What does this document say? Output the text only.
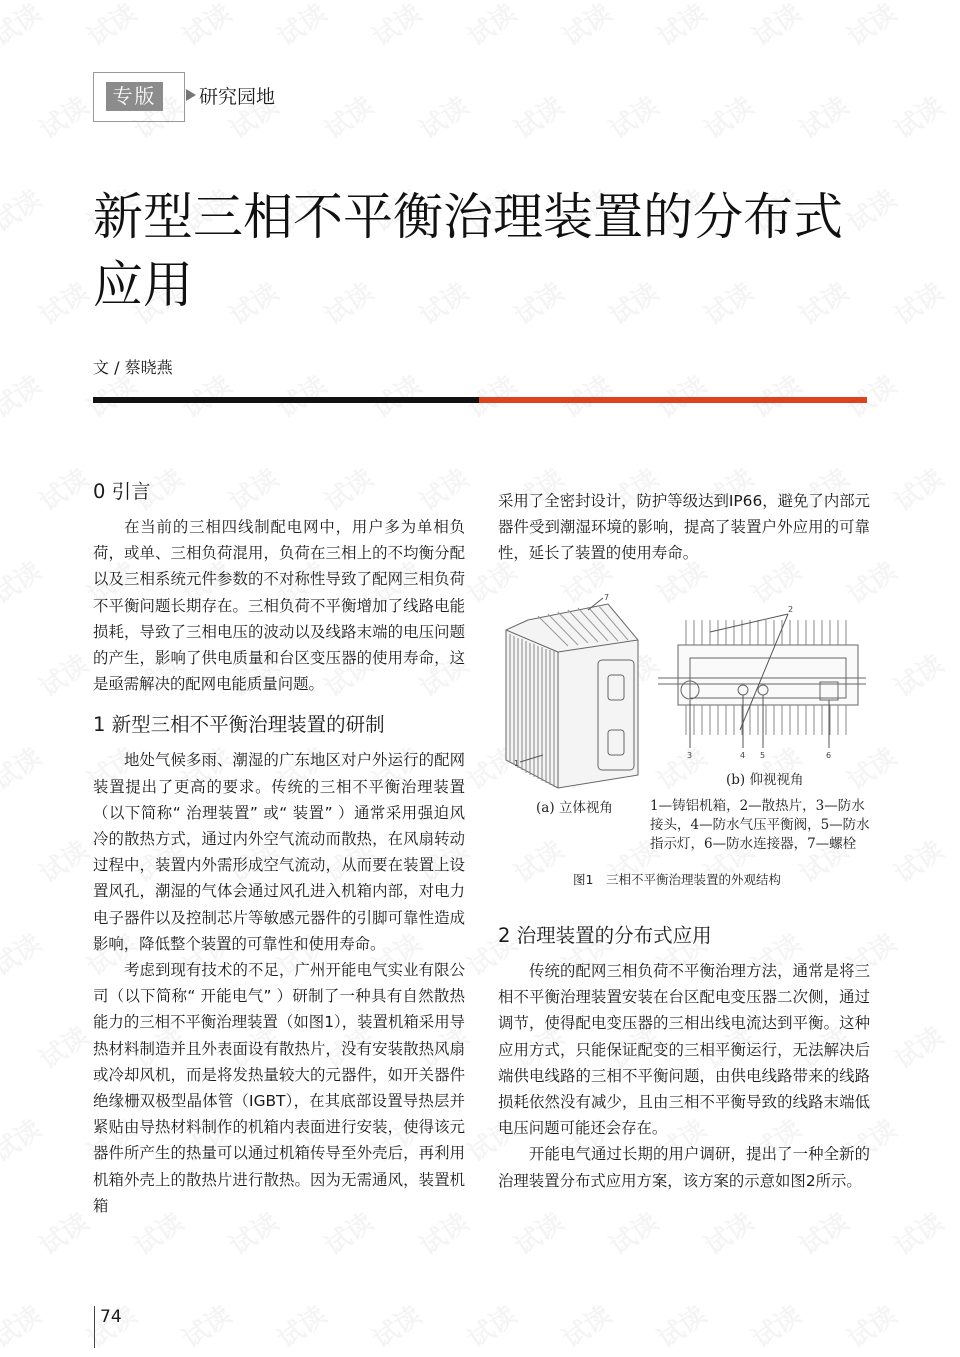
专版	研究园地
新型三相不平衡治理装置的分布式应用
文 / 蔡晓燕
0 引言

在当前的三相四线制配电网中，用户多为单相负荷，或单、三相负荷混用，负荷在三相上的不均衡分配以及三相系统元件参数的不对称性导致了配网三相负荷不平衡问题长期存在。三相负荷不平衡增加了线路电能损耗，导致了三相电压的波动以及线路末端的电压问题的产生，影响了供电质量和台区变压器的使用寿命，这是亟需解决的配网电能质量问题。

1 新型三相不平衡治理装置的研制

地处气候多雨、潮湿的广东地区对户外运行的配网装置提出了更高的要求。传统的三相不平衡治理装置（以下简称“ 治理装置” 或“ 装置” ）通常采用强迫风冷的散热方式，通过内外空气流动而散热，在风扇转动过程中，装置内外需形成空气流动，从而要在装置上设置风孔，潮湿的气体会通过风孔进入机箱内部，对电力电子器件以及控制芯片等敏感元器件的引脚可靠性造成影响，降低整个装置的可靠性和使用寿命。

考虑到现有技术的不足，广州开能电气实业有限公司（以下简称“ 开能电气” ）研制了一种具有自然散热能力的三相不平衡治理装置（如图1），装置机箱采用导热材料制造并且外表面设有散热片，没有安装散热风扇或冷却风机，而是将发热量较大的元器件，如开关器件绝缘栅双极型晶体管（IGBT），在其底部设置导热层并紧贴由导热材料制作的机箱内表面进行安装，使得该元器件所产生的热量可以通过机箱传导至外壳后，再利用机箱外壳上的散热片进行散热。因为无需通风，装置机箱

采用了全密封设计，防护等级达到IP66，避免了内部元器件受到潮湿环境的影响，提高了装置户外应用的可靠性，延长了装置的使用寿命。

7
1
2
3	4 5	6
(b) 仰视视角
(a) 立体视角	1—铸铝机箱，2—散热片，3—防水接头，4—防水气压平衡阀，5—防水指示灯，6—防水连接器，7—螺栓
图1　三相不平衡治理装置的外观结构
2 治理装置的分布式应用

传统的配网三相负荷不平衡治理方法，通常是将三相不平衡治理装置安装在台区配电变压器二次侧，通过调节，使得配电变压器的三相出线电流达到平衡。这种应用方式，只能保证配变的三相平衡运行，无法解决后端供电线路的三相不平衡问题，由供电线路带来的线路损耗依然没有减少，且由三相不平衡导致的线路末端低电压问题可能还会存在。

开能电气通过长期的用户调研，提出了一种全新的治理装置分布式应用方案，该方案的示意如图2所示。

74
